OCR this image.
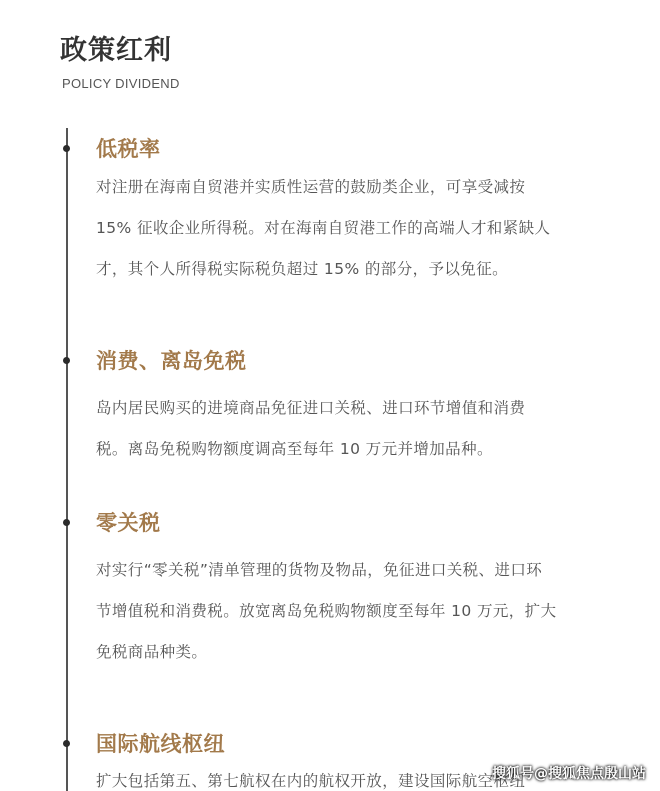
政策红利
POLICY DIVIDEND
低税率
对注册在海南自贸港并实质性运营的鼓励类企业，可享受减按
15% 征收企业所得税。对在海南自贸港工作的高端人才和紧缺人
才，其个人所得税实际税负超过 15% 的部分，予以免征。
消费、离岛免税
岛内居民购买的进境商品免征进口关税、进口环节增值和消费
税。离岛免税购物额度调高至每年 10 万元并增加品种。
零关税
对实行“零关税”清单管理的货物及物品，免征进口关税、进口环
节增值税和消费税。放宽离岛免税购物额度至每年 10 万元，扩大
免税商品种类。
国际航线枢纽
扩大包括第五、第七航权在内的航权开放，建设国际航空枢纽
搜狐号@搜狐焦点殷山站
